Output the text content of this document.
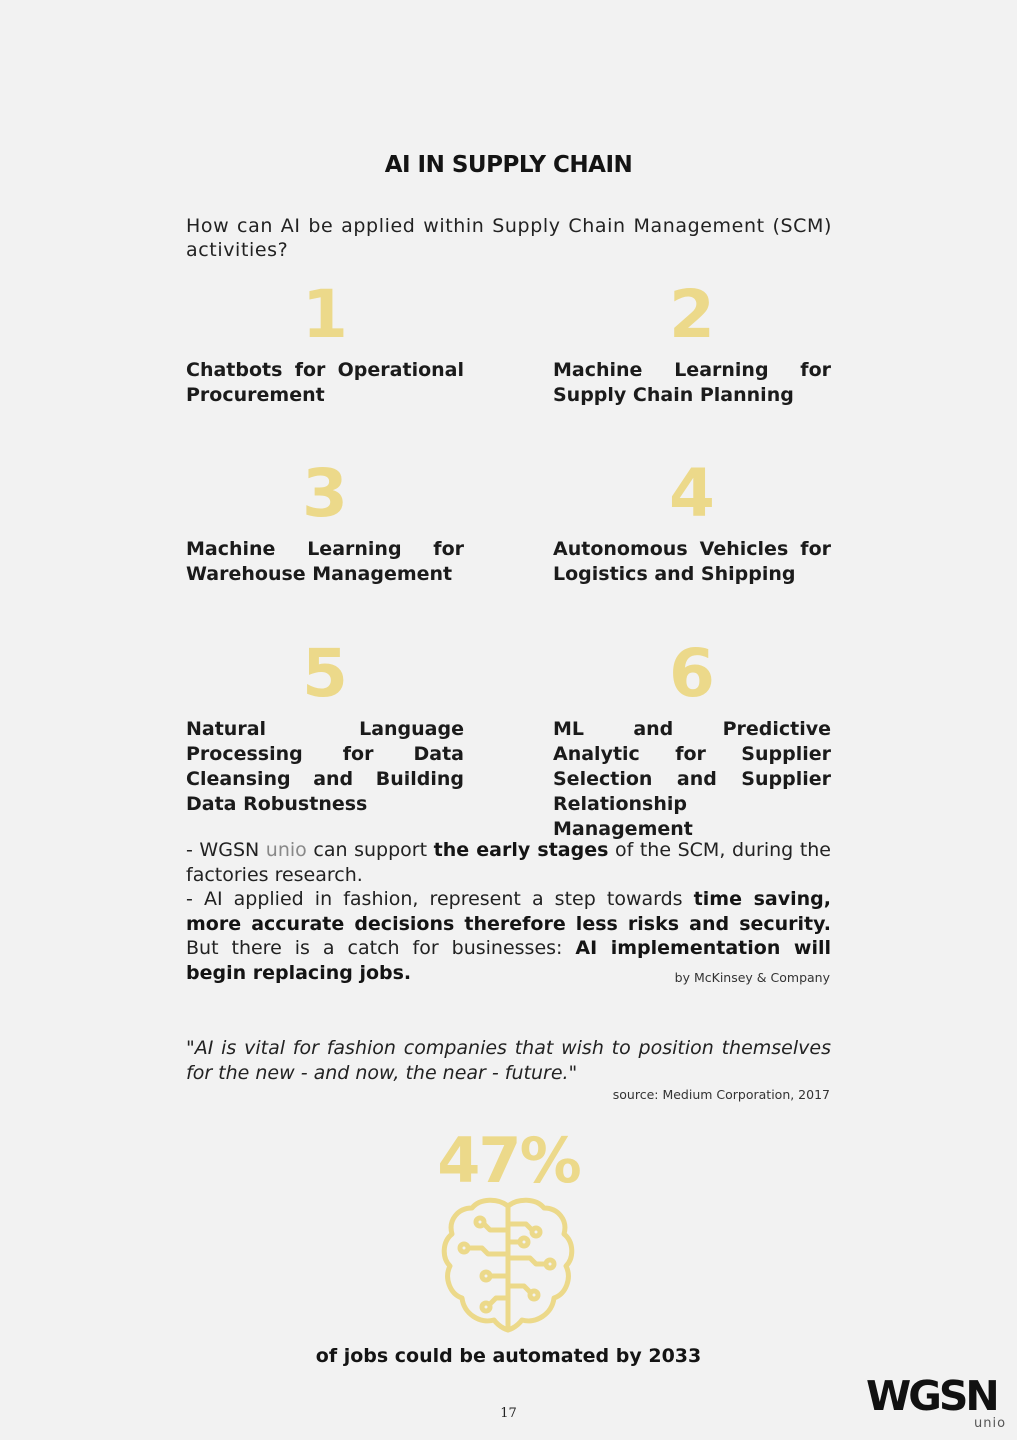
AI IN SUPPLY CHAIN
How can AI be applied within Supply Chain Management (SCM) activities?
1
Chatbots for Operational Procurement
2
Machine Learning for Supply Chain Planning
3
Machine Learning for Warehouse Management
4
Autonomous Vehicles for Logistics and Shipping
5
Natural Language Processing for Data Cleansing and Building Data Robustness
6
ML and Predictive Analytic for Supplier Selection and Supplier Relationship Management

- WGSN unio can support the early stages of the SCM, during the factories research.

- AI applied in fashion, represent a step towards time saving, more accurate decisions therefore less risks and security. But there is a catch for businesses: AI implementation will begin replacing jobs.	by McKinsey & Company
"AI is vital for fashion companies that wish to position themselves for the new - and now, the near - future."
source: Medium Corporation, 2017
47%
of jobs could be automated by 2033
17	WGSN
unio
